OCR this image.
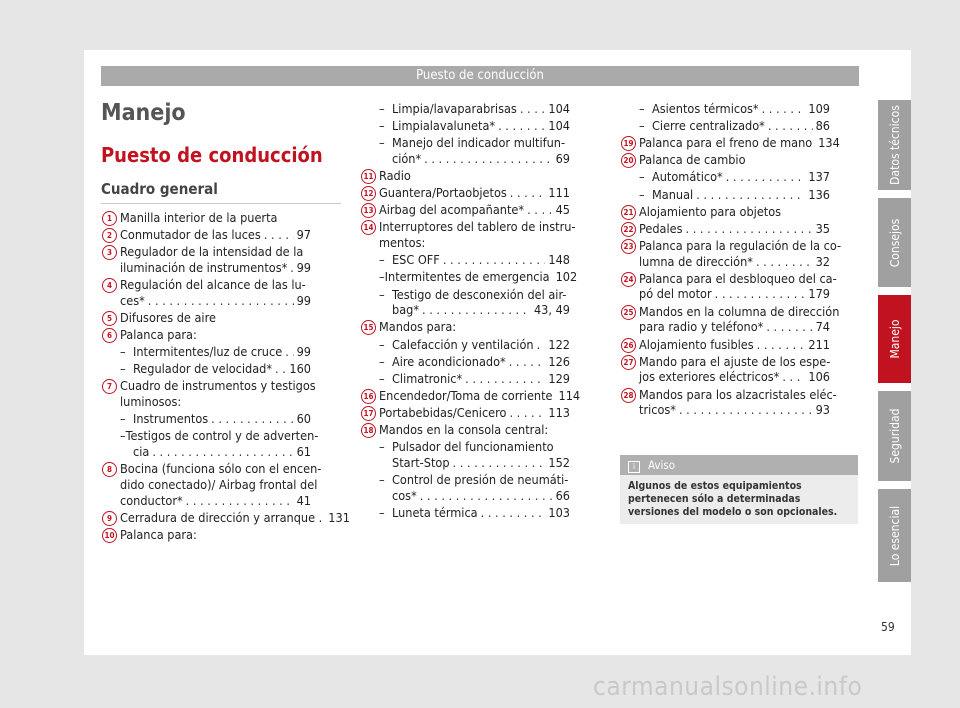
Puesto de conducción
Manejo
Puesto de conducción
Cuadro general
1 Manilla interior de la puerta
2 Conmutador de las luces . . .	97
3 Regulador de la intensidad de la
iluminación de instrumentos* . . . 99
4 Regulación del alcance de las lu-
ces* . . .	99
5 Difusores de aire
6 Palanca para:
– Intermitentes/luz de cruce . . . 99
– Regulador de velocidad* . . . 160
7 Cuadro de instrumentos y testigos
luminosos:
– Instrumentos . . .	60
– Testigos de control y de adverten-
cia . . .	61
8 Bocina (funciona sólo con el encen-
dido conectado)/ Airbag frontal del
conductor* . . .	41
9 Cerradura de dirección y arranque . 131
10 Palanca para:
– Limpia/lavaparabrisas . . .	104
– Limpialavaluneta* . . .	104
– Manejo del indicador multifun-
ción* . . .	69
11 Radio
12 Guantera/Portaobjetos . . .	111
13 Airbag del acompañante* . . .	45
14 Interruptores del tablero de instru-
mentos:
– ESC OFF . . .	148
– Intermitentes de emergencia 102
– Testigo de desconexión del air-
bag* . . .	43, 49
15 Mandos para:
– Calefacción y ventilación . . . 122
– Aire acondicionado* . . .	126
– Climatronic* . . .	129
16 Encendedor/Toma de corriente 114
17 Portabebidas/Cenicero . . .	113
18 Mandos en la consola central:
– Pulsador del funcionamiento
Start-Stop . . .	152
– Control de presión de neumáti-
cos* . . .	66
– Luneta térmica . . .	103
– Asientos térmicos* . . .	109
– Cierre centralizado* . . .	86
19 Palanca para el freno de mano 134
20 Palanca de cambio
– Automático* . . .	137
– Manual . . .	136
21 Alojamiento para objetos
22 Pedales . . .	35
23 Palanca para la regulación de la co-
lumna de dirección* . . .	32
24 Palanca para el desbloqueo del ca-
pó del motor . . .	179
25 Mandos en la columna de dirección
para radio y teléfono* . . .	74
26 Alojamiento fusibles . . .	211
27 Mando para el ajuste de los espe-
jos exteriores eléctricos* . . . 106
28 Mandos para los alzacristales eléc-
tricos* . . .	93
i Aviso
Algunos de estos equipamientos pertenecen sólo a determinadas versiones del modelo o son opcionales.
Datos técnicos
Consejos
Manejo
Seguridad
Lo esencial
59
carmanualsonline.info
